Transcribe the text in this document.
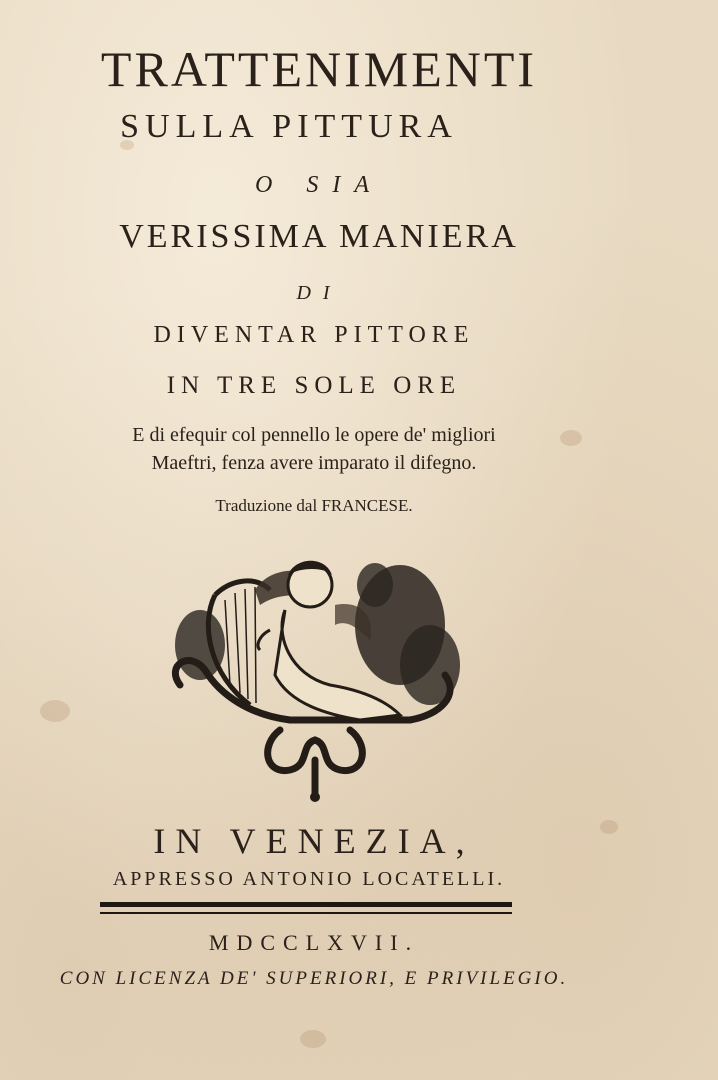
TRATTENIMENTI
SULLA PITTURA
O SIA
VERISSIMA MANIERA
DI
DIVENTAR PITTORE
IN TRE SOLE ORE
E di efequir col pennello le opere de' migliori
Maeftri, fenza avere imparato il difegno.
Traduzione dal FRANCESE.
IN VENEZIA,
APPRESSO ANTONIO LOCATELLI.
MDCCLXVII.
CON LICENZA DE' SUPERIORI, E PRIVILEGIO.
